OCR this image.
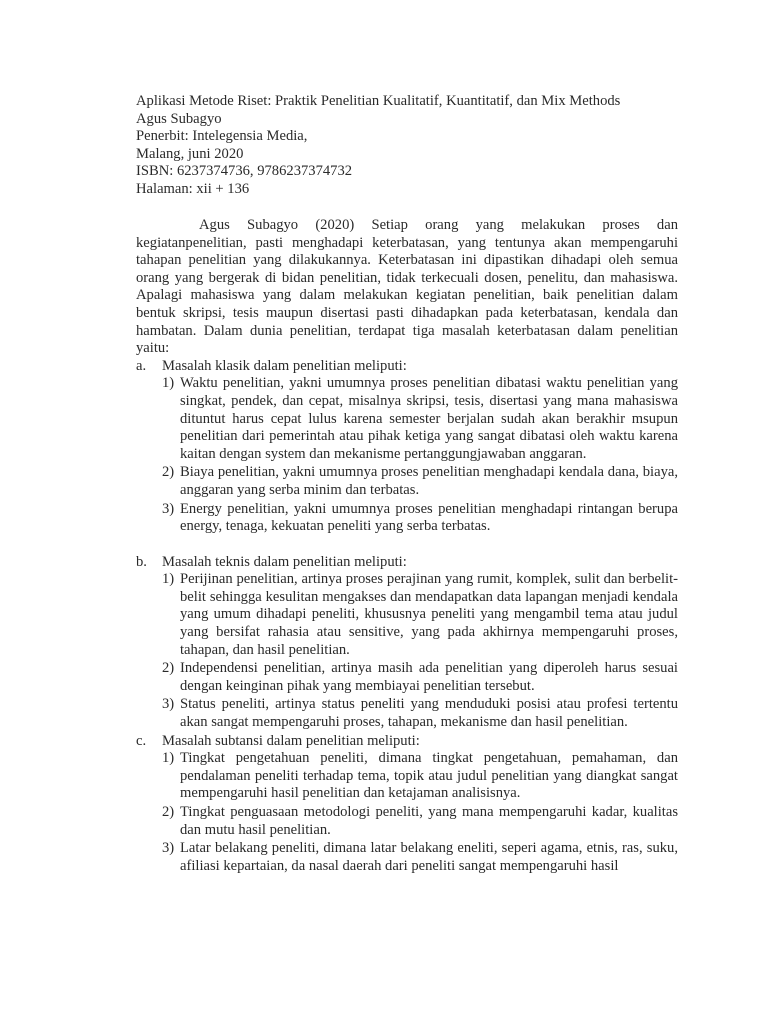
Aplikasi Metode Riset: Praktik Penelitian Kualitatif, Kuantitatif, dan Mix Methods
Agus Subagyo
Penerbit: Intelegensia Media,
Malang, juni 2020
ISBN: 6237374736, 9786237374732
Halaman: xii + 136

Agus Subagyo (2020) Setiap orang yang melakukan proses dan kegiatanpenelitian, pasti menghadapi keterbatasan, yang tentunya akan mempengaruhi tahapan penelitian yang dilakukannya. Keterbatasan ini dipastikan dihadapi oleh semua orang yang bergerak di bidan penelitian, tidak terkecuali dosen, penelitu, dan mahasiswa. Apalagi mahasiswa yang dalam melakukan kegiatan penelitian, baik penelitian dalam bentuk skripsi, tesis maupun disertasi pasti dihadapkan pada keterbatasan, kendala dan hambatan. Dalam dunia penelitian, terdapat tiga masalah keterbatasan dalam penelitian yaitu:

a. Masalah klasik dalam penelitian meliputi:
1) Waktu penelitian, yakni umumnya proses penelitian dibatasi waktu penelitian yang singkat, pendek, dan cepat, misalnya skripsi, tesis, disertasi yang mana mahasiswa dituntut harus cepat lulus karena semester berjalan sudah akan berakhir msupun penelitian dari pemerintah atau pihak ketiga yang sangat dibatasi oleh waktu karena kaitan dengan system dan mekanisme pertanggungjawaban anggaran.
2) Biaya penelitian, yakni umumnya proses penelitian menghadapi kendala dana, biaya, anggaran yang serba minim dan terbatas.
3) Energy penelitian, yakni umumnya proses penelitian menghadapi rintangan berupa energy, tenaga, kekuatan peneliti yang serba terbatas.
b. Masalah teknis dalam penelitian meliputi:
1) Perijinan penelitian, artinya proses perajinan yang rumit, komplek, sulit dan berbelit-belit sehingga kesulitan mengakses dan mendapatkan data lapangan menjadi kendala yang umum dihadapi peneliti, khususnya peneliti yang mengambil tema atau judul yang bersifat rahasia atau sensitive, yang pada akhirnya mempengaruhi proses, tahapan, dan hasil penelitian.
2) Independensi penelitian, artinya masih ada penelitian yang diperoleh harus sesuai dengan keinginan pihak yang membiayai penelitian tersebut.
3) Status peneliti, artinya status peneliti yang menduduki posisi atau profesi tertentu akan sangat mempengaruhi proses, tahapan, mekanisme dan hasil penelitian.
c. Masalah subtansi dalam penelitian meliputi:
1) Tingkat pengetahuan peneliti, dimana tingkat pengetahuan, pemahaman, dan pendalaman peneliti terhadap tema, topik atau judul penelitian yang diangkat sangat mempengaruhi hasil penelitian dan ketajaman analisisnya.
2) Tingkat penguasaan metodologi peneliti, yang mana mempengaruhi kadar, kualitas dan mutu hasil penelitian.
3) Latar belakang peneliti, dimana latar belakang eneliti, seperi agama, etnis, ras, suku, afiliasi kepartaian, da nasal daerah dari peneliti sangat mempengaruhi hasil
